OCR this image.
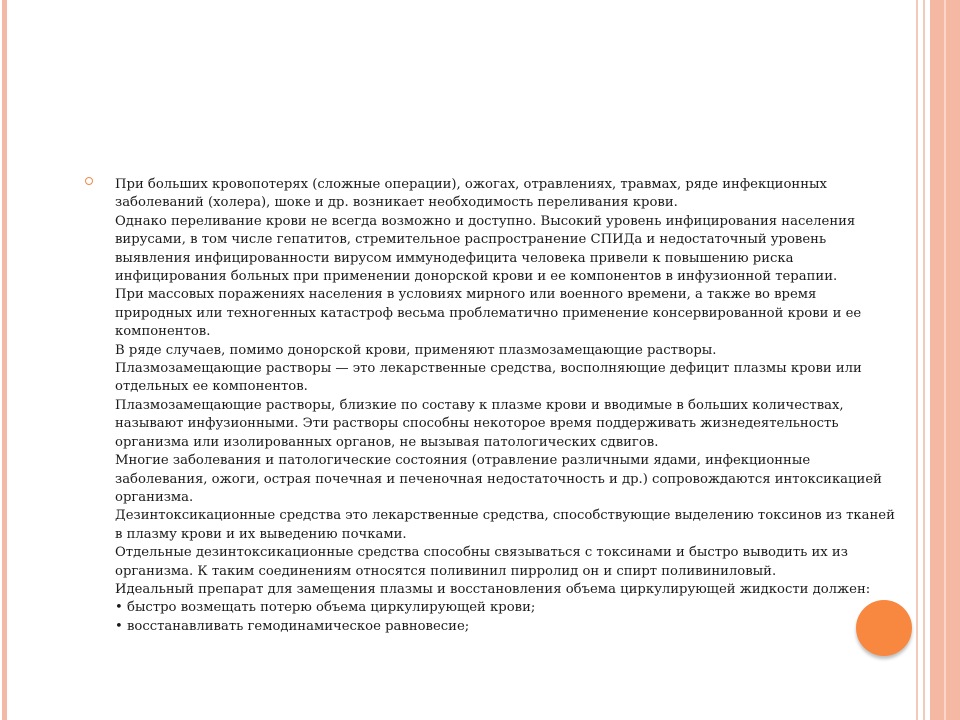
При больших кровопотерях (сложные операции), ожогах, отравлениях, травмах, ряде инфекционных заболеваний (холера), шоке и др. возникает необходимость переливания крови.

Однако переливание крови не всегда возможно и доступно. Высокий уровень инфицирования населения вирусами, в том числе гепатитов, стремительное распространение СПИДа и недостаточный уровень выявления инфицированности вирусом иммунодефицита человека привели к повышению риска инфицирования больных при применении донорской крови и ее компонентов в инфузионной терапии.

При массовых поражениях населения в условиях мирного или военного времени, а также во время природных или техногенных катастроф весьма проблематично применение консервированной крови и ее компонентов.

В ряде случаев, помимо донорской крови, применяют плазмозамещающие растворы.

Плазмозамещающие растворы — это лекарственные средства, восполняющие дефицит плазмы крови или отдельных ее компонентов.

Плазмозамещающие растворы, близкие по составу к плазме крови и вводимые в больших количествах, называют инфузионными. Эти растворы способны некоторое время поддерживать жизнедеятельность организма или изолированных органов, не вызывая патологических сдвигов.

Многие заболевания и патологические состояния (отравление различными ядами, инфекционные заболевания, ожоги, острая почечная и печеночная недостаточность и др.) сопровождаются интоксикацией организма.

Дезинтоксикационные средства это лекарственные средства, способствующие выделению токсинов из тканей в плазму крови и их выведению почками.

Отдельные дезинтоксикационные средства способны связываться с токсинами и быстро выводить их из организма. К таким соединениям относятся поливинил пирролид он и спирт поливиниловый.

Идеальный препарат для замещения плазмы и восстановления объема циркулирующей жидкости должен:

• быстро возмещать потерю объема циркулирующей крови;

• восстанавливать гемодинамическое равновесие;
